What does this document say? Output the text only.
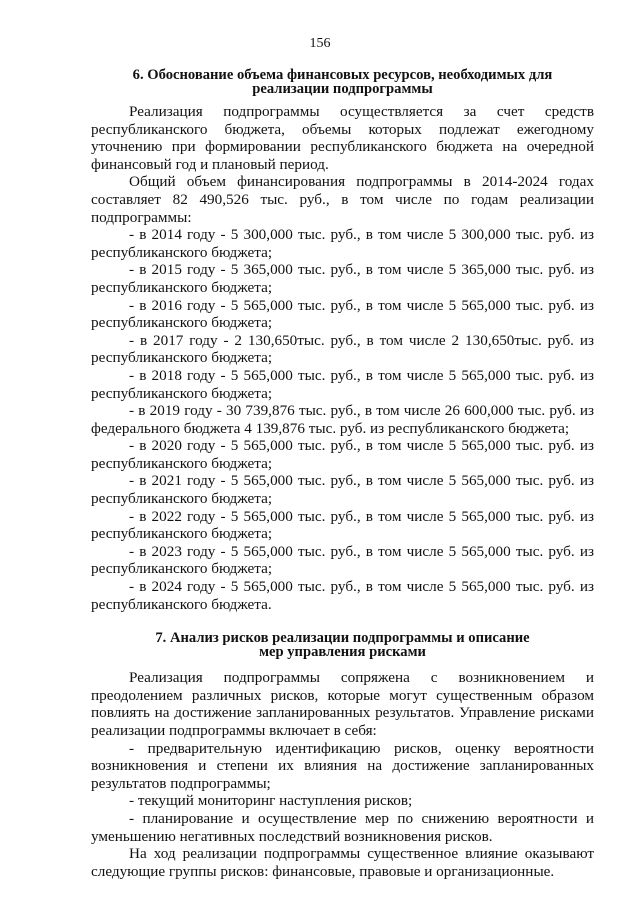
156
6. Обоснование объема финансовых ресурсов, необходимых для
реализации подпрограммы

Реализация подпрограммы осуществляется за счет средств республиканского бюджета, объемы которых подлежат ежегодному уточнению при формировании республиканского бюджета на очередной финансовый год и плановый период.

Общий объем финансирования подпрограммы в 2014-2024 годах составляет 82 490,526 тыс. руб., в том числе по годам реализации подпрограммы:

- в 2014 году - 5 300,000 тыс. руб., в том числе 5 300,000 тыс. руб. из республиканского бюджета;

- в 2015 году - 5 365,000 тыс. руб., в том числе 5 365,000 тыс. руб. из республиканского бюджета;

- в 2016 году - 5 565,000 тыс. руб., в том числе 5 565,000 тыс. руб. из республиканского бюджета;

- в 2017 году - 2 130,650тыс. руб., в том числе 2 130,650тыс. руб. из республиканского бюджета;

- в 2018 году - 5 565,000 тыс. руб., в том числе 5 565,000 тыс. руб. из республиканского бюджета;

- в 2019 году - 30 739,876 тыс. руб., в том числе 26 600,000 тыс. руб. из федерального бюджета 4 139,876 тыс. руб. из республиканского бюджета;

- в 2020 году - 5 565,000 тыс. руб., в том числе 5 565,000 тыс. руб. из республиканского бюджета;

- в 2021 году - 5 565,000 тыс. руб., в том числе 5 565,000 тыс. руб. из республиканского бюджета;

- в 2022 году - 5 565,000 тыс. руб., в том числе 5 565,000 тыс. руб. из республиканского бюджета;

- в 2023 году - 5 565,000 тыс. руб., в том числе 5 565,000 тыс. руб. из республиканского бюджета;

- в 2024 году - 5 565,000 тыс. руб., в том числе 5 565,000 тыс. руб. из республиканского бюджета.

7. Анализ рисков реализации подпрограммы и описание
мер управления рисками

Реализация подпрограммы сопряжена с возникновением и преодолением различных рисков, которые могут существенным образом повлиять на достижение запланированных результатов. Управление рисками реализации подпрограммы включает в себя:

- предварительную идентификацию рисков, оценку вероятности возникновения и степени их влияния на достижение запланированных результатов подпрограммы;

- текущий мониторинг наступления рисков;

- планирование и осуществление мер по снижению вероятности и уменьшению негативных последствий возникновения рисков.

На ход реализации подпрограммы существенное влияние оказывают следующие группы рисков: финансовые, правовые и организационные.
